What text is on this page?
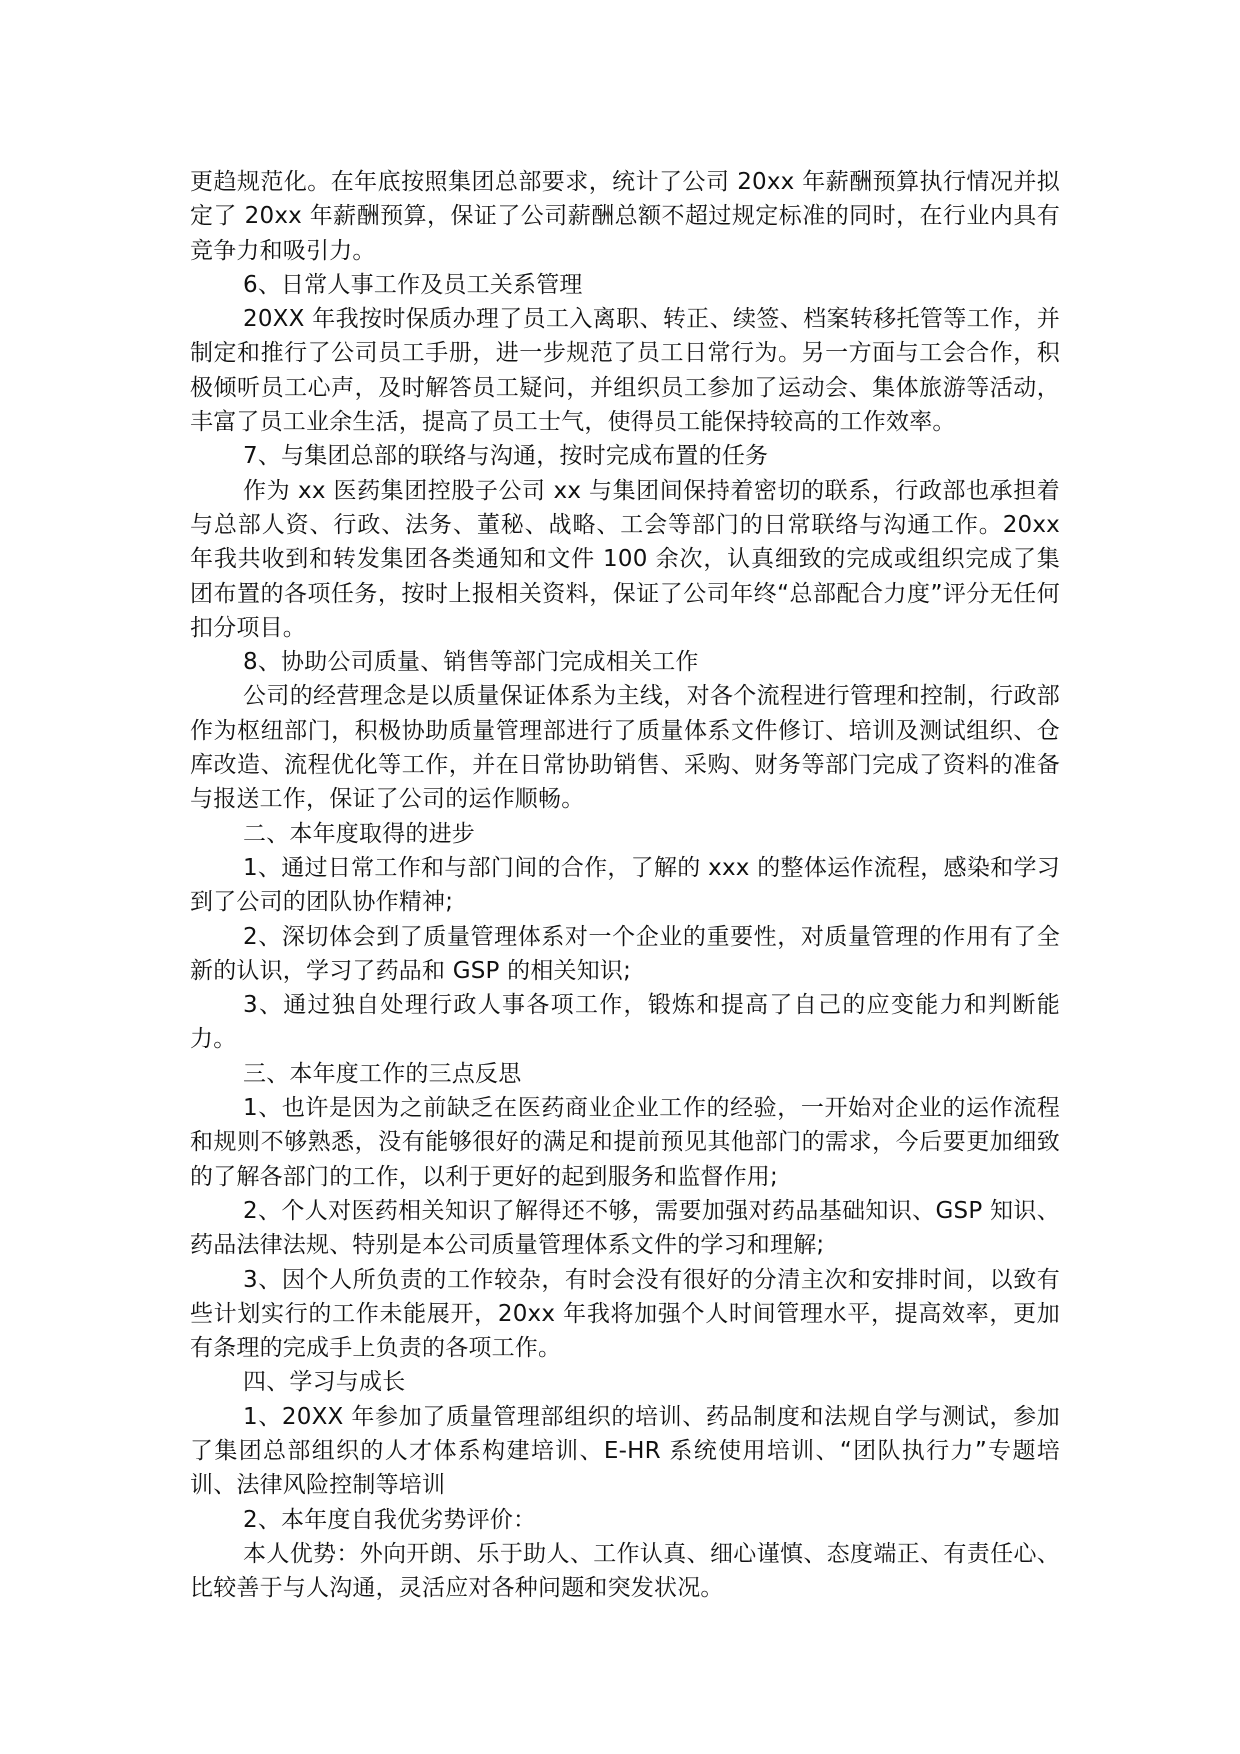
更趋规范化。在年底按照集团总部要求，统计了公司 20xx 年薪酬预算执行情况并拟定了 20xx 年薪酬预算，保证了公司薪酬总额不超过规定标准的同时，在行业内具有竞争力和吸引力。

6、日常人事工作及员工关系管理

20XX 年我按时保质办理了员工入离职、转正、续签、档案转移托管等工作，并制定和推行了公司员工手册，进一步规范了员工日常行为。另一方面与工会合作，积极倾听员工心声，及时解答员工疑问，并组织员工参加了运动会、集体旅游等活动，丰富了员工业余生活，提高了员工士气，使得员工能保持较高的工作效率。

7、与集团总部的联络与沟通，按时完成布置的任务

作为 xx 医药集团控股子公司 xx 与集团间保持着密切的联系，行政部也承担着与总部人资、行政、法务、董秘、战略、工会等部门的日常联络与沟通工作。20xx 年我共收到和转发集团各类通知和文件 100 余次，认真细致的完成或组织完成了集团布置的各项任务，按时上报相关资料，保证了公司年终“总部配合力度”评分无任何扣分项目。

8、协助公司质量、销售等部门完成相关工作

公司的经营理念是以质量保证体系为主线，对各个流程进行管理和控制，行政部作为枢纽部门，积极协助质量管理部进行了质量体系文件修订、培训及测试组织、仓库改造、流程优化等工作，并在日常协助销售、采购、财务等部门完成了资料的准备与报送工作，保证了公司的运作顺畅。

二、本年度取得的进步

1、通过日常工作和与部门间的合作，了解的 xxx 的整体运作流程，感染和学习到了公司的团队协作精神;

2、深切体会到了质量管理体系对一个企业的重要性，对质量管理的作用有了全新的认识，学习了药品和 GSP 的相关知识;

3、通过独自处理行政人事各项工作，锻炼和提高了自己的应变能力和判断能力。

三、本年度工作的三点反思

1、也许是因为之前缺乏在医药商业企业工作的经验，一开始对企业的运作流程和规则不够熟悉，没有能够很好的满足和提前预见其他部门的需求，今后要更加细致的了解各部门的工作，以利于更好的起到服务和监督作用;

2、个人对医药相关知识了解得还不够，需要加强对药品基础知识、GSP 知识、药品法律法规、特别是本公司质量管理体系文件的学习和理解;

3、因个人所负责的工作较杂，有时会没有很好的分清主次和安排时间，以致有些计划实行的工作未能展开，20xx 年我将加强个人时间管理水平，提高效率，更加有条理的完成手上负责的各项工作。

四、学习与成长

1、20XX 年参加了质量管理部组织的培训、药品制度和法规自学与测试，参加了集团总部组织的人才体系构建培训、E-HR 系统使用培训、“团队执行力”专题培训、法律风险控制等培训

2、本年度自我优劣势评价：

本人优势：外向开朗、乐于助人、工作认真、细心谨慎、态度端正、有责任心、比较善于与人沟通，灵活应对各种问题和突发状况。
